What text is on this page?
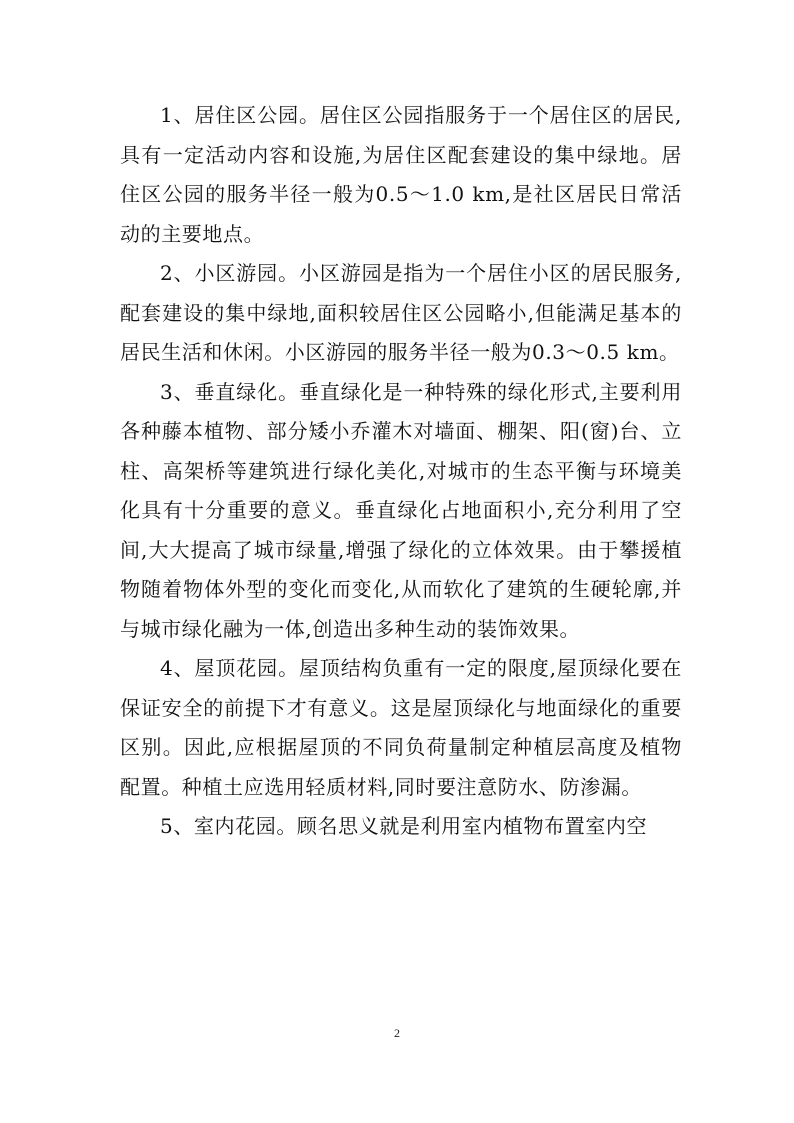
1、居住区公园。居住区公园指服务于一个居住区的居民,具有一定活动内容和设施,为居住区配套建设的集中绿地。居住区公园的服务半径一般为0.5～1.0 km,是社区居民日常活动的主要地点。

2、小区游园。小区游园是指为一个居住小区的居民服务,配套建设的集中绿地,面积较居住区公园略小,但能满足基本的居民生活和休闲。小区游园的服务半径一般为0.3～0.5 km。

3、垂直绿化。垂直绿化是一种特殊的绿化形式,主要利用各种藤本植物、部分矮小乔灌木对墙面、棚架、阳(窗)台、立柱、高架桥等建筑进行绿化美化,对城市的生态平衡与环境美化具有十分重要的意义。垂直绿化占地面积小,充分利用了空间,大大提高了城市绿量,增强了绿化的立体效果。由于攀援植物随着物体外型的变化而变化,从而软化了建筑的生硬轮廓,并与城市绿化融为一体,创造出多种生动的装饰效果。

4、屋顶花园。屋顶结构负重有一定的限度,屋顶绿化要在保证安全的前提下才有意义。这是屋顶绿化与地面绿化的重要区别。因此,应根据屋顶的不同负荷量制定种植层高度及植物配置。种植土应选用轻质材料,同时要注意防水、防渗漏。

5、室内花园。顾名思义就是利用室内植物布置室内空

2
